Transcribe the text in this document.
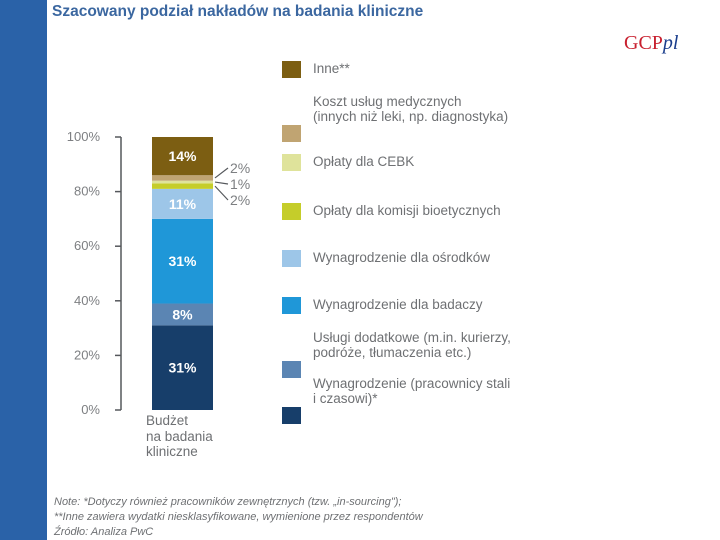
GCPpl
Szacowany podział nakładów na badania kliniczne
0%
20%
40%
60%
80%
100%
31%
8%
31%
11%
14%
2%
1%
2%
Budżet
na badania
kliniczne
Inne**
Koszt usług medycznych
(innych niż leki, np. diagnostyka)
Opłaty dla CEBK
Opłaty dla komisji bioetycznych
Wynagrodzenie dla ośrodków
Wynagrodzenie dla badaczy
Usługi dodatkowe (m.in. kurierzy,
podróże, tłumaczenia etc.)
Wynagrodzenie (pracownicy stali
i czasowi)*
Note: *Dotyczy również pracowników zewnętrznych (tzw. „in-sourcing");
**Inne zawiera wydatki niesklasyfikowane, wymienione przez respondentów
Źródło: Analiza PwC
